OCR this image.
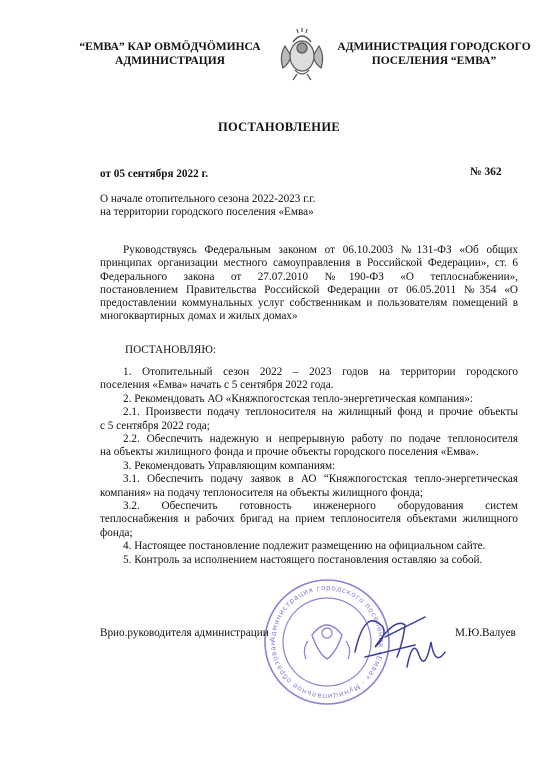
“ЕМВА” КАР ОВМÖДЧÖМИНСА
АДМИНИСТРАЦИЯ
АДМИНИСТРАЦИЯ ГОРОДСКОГО
ПОСЕЛЕНИЯ “ЕМВА”
ПОСТАНОВЛЕНИЕ
от 05 сентября 2022 г.	№ 362

О начале отопительного сезона 2022-2023 г.г.

на территории городского поселения «Емва»

Руководствуясь Федеральным законом от 06.10.2003 №131-ФЗ «Об общих

принципах организации местного самоуправления в Российской Федерации», ст. 6

Федерального закона от 27.07.2010 №190-ФЗ «О теплоснабжении»,

постановлением Правительства Российской Федерации от 06.05.2011 №354 «О

предоставлении коммунальных услуг собственникам и пользователям помещений в

многоквартирных домах и жилых домах»

ПОСТАНОВЛЯЮ:

1. Отопительный сезон 2022 – 2023 годов на территории городского

поселения «Емва» начать с 5 сентября 2022 года.

2. Рекомендовать АО «Княжпогостская тепло-энергетическая компания»:

2.1. Произвести подачу теплоносителя на жилищный фонд и прочие объекты

с 5 сентября 2022 года;

2.2. Обеспечить надежную и непрерывную работу по подаче теплоносителя

на объекты жилищного фонда и прочие объекты городского поселения «Емва».

3. Рекомендовать Управляющим компаниям:

3.1. Обеспечить подачу заявок в АО “Княжпогостская тепло-энергетическая

компания» на подачу теплоносителя на объекты жилищного фонда;

3.2. Обеспечить готовность инженерного оборудования систем

теплоснабжения и рабочих бригад на прием теплоносителя объектами жилищного

фонда;

4. Настоящее постановление подлежит размещению на официальном сайте.

5. Контроль за исполнением настоящего постановления оставляю за собой.

Администрация городского поселения «Емва» · Муниципальное образован
Врио.руководителя администрации	М.Ю.Валуев
